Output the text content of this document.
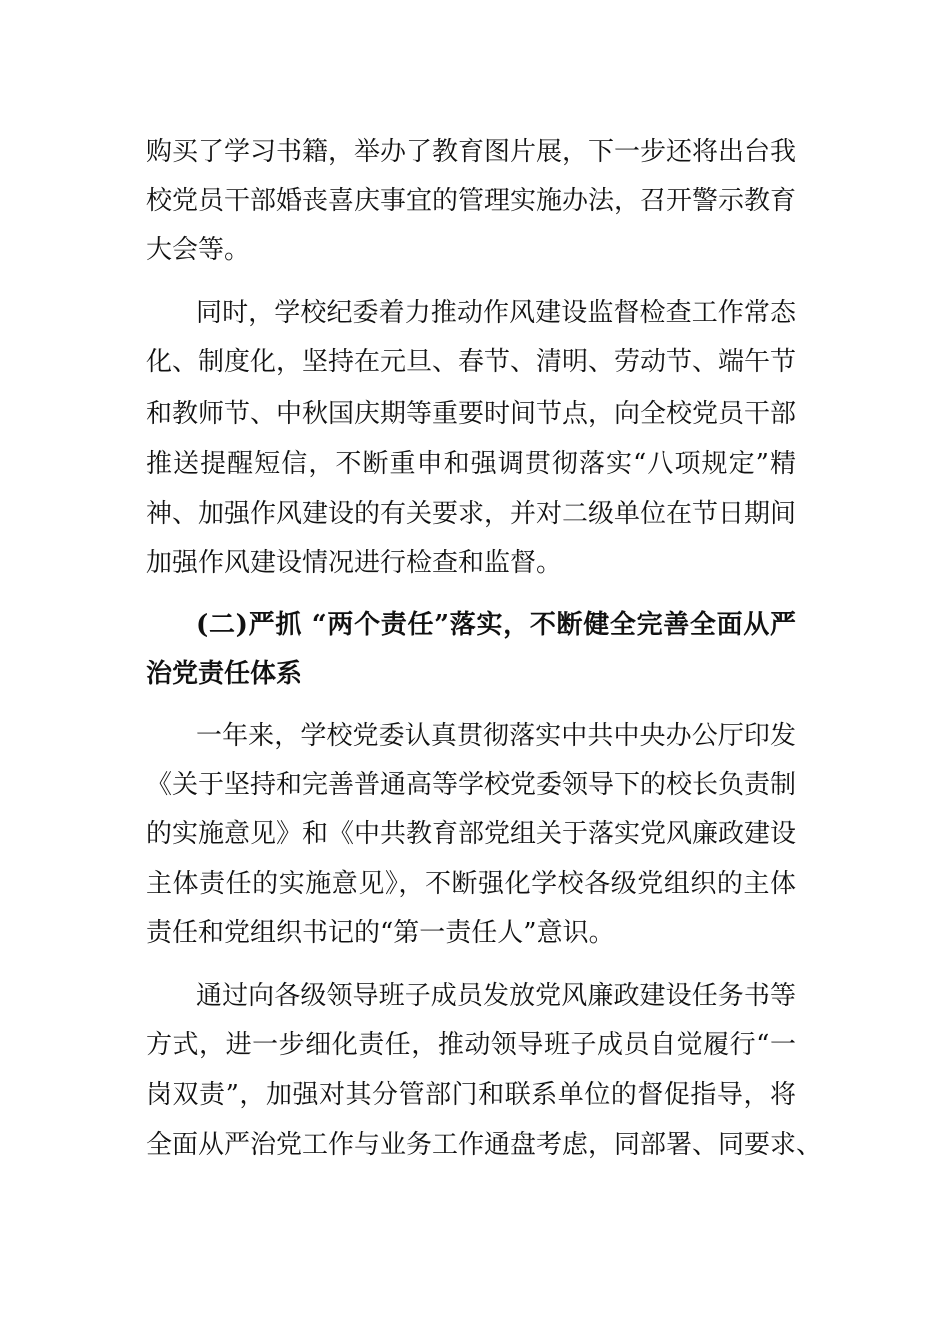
购买了学习书籍，举办了教育图片展，下一步还将出台我
校党员干部婚丧喜庆事宜的管理实施办法，召开警示教育
大会等。
同时，学校纪委着力推动作风建设监督检查工作常态
化、制度化，坚持在元旦、春节、清明、劳动节、端午节
和教师节、中秋国庆期等重要时间节点，向全校党员干部
推送提醒短信，不断重申和强调贯彻落实“八项规定”精
神、加强作风建设的有关要求，并对二级单位在节日期间
加强作风建设情况进行检查和监督。
(二)严抓 “两个责任”落实，不断健全完善全面从严
治党责任体系
一年来，学校党委认真贯彻落实中共中央办公厅印发
《关于坚持和完善普通高等学校党委领导下的校长负责制
的实施意见》和《中共教育部党组关于落实党风廉政建设
主体责任的实施意见》，不断强化学校各级党组织的主体
责任和党组织书记的“第一责任人”意识。
通过向各级领导班子成员发放党风廉政建设任务书等
方式，进一步细化责任，推动领导班子成员自觉履行“一
岗双责”，加强对其分管部门和联系单位的督促指导，将
全面从严治党工作与业务工作通盘考虑，同部署、同要求、
